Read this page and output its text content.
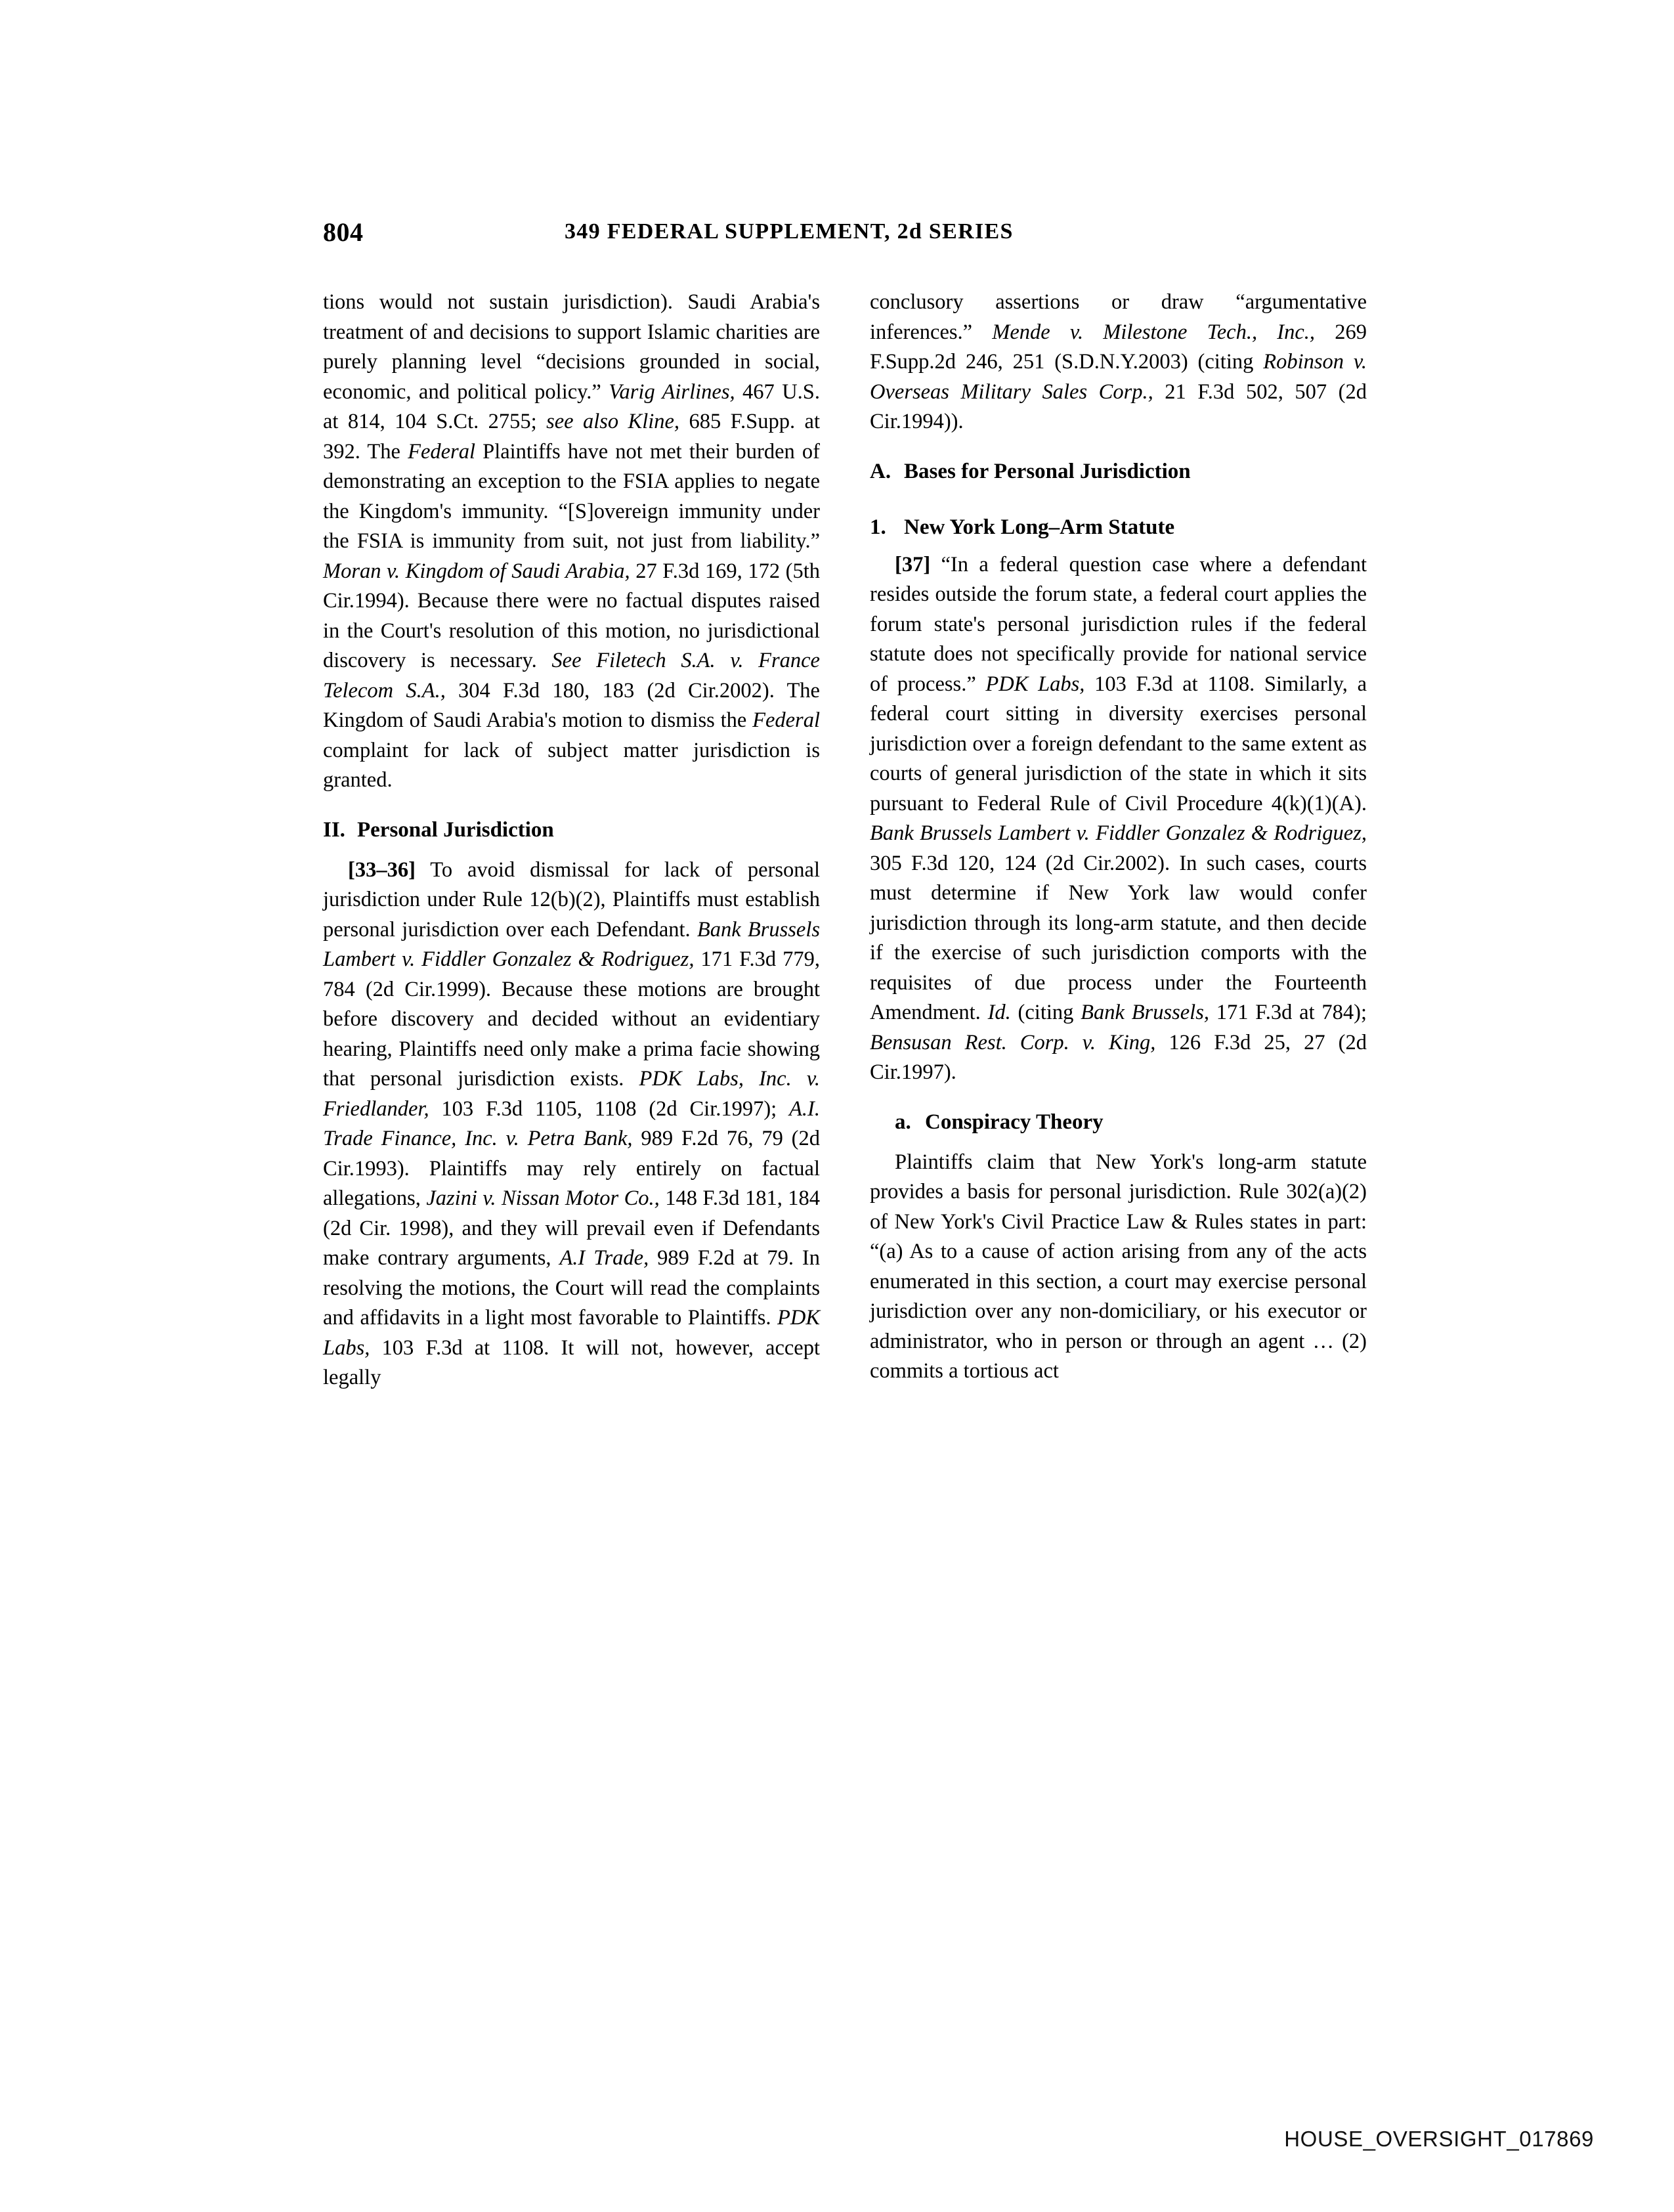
804	349 FEDERAL SUPPLEMENT, 2d SERIES

tions would not sustain jurisdiction). Saudi Arabia's treatment of and decisions to support Islamic charities are purely planning level “decisions grounded in social, economic, and political policy.” Varig Airlines, 467 U.S. at 814, 104 S.Ct. 2755; see also Kline, 685 F.Supp. at 392. The Federal Plaintiffs have not met their burden of demonstrating an exception to the FSIA applies to negate the Kingdom's immunity. “[S]overeign immunity under the FSIA is immunity from suit, not just from liability.” Moran v. Kingdom of Saudi Arabia, 27 F.3d 169, 172 (5th Cir.1994). Because there were no factual disputes raised in the Court's resolution of this motion, no jurisdictional discovery is necessary. See Filetech S.A. v. France Telecom S.A., 304 F.3d 180, 183 (2d Cir.2002). The Kingdom of Saudi Arabia's motion to dismiss the Federal complaint for lack of subject matter jurisdiction is granted.

II. Personal Jurisdiction

[33–36] To avoid dismissal for lack of personal jurisdiction under Rule 12(b)(2), Plaintiffs must establish personal jurisdiction over each Defendant. Bank Brussels Lambert v. Fiddler Gonzalez & Rodriguez, 171 F.3d 779, 784 (2d Cir.1999). Because these motions are brought before discovery and decided without an evidentiary hearing, Plaintiffs need only make a prima facie showing that personal jurisdiction exists. PDK Labs, Inc. v. Friedlander, 103 F.3d 1105, 1108 (2d Cir.1997); A.I. Trade Finance, Inc. v. Petra Bank, 989 F.2d 76, 79 (2d Cir.1993). Plaintiffs may rely entirely on factual allegations, Jazini v. Nissan Motor Co., 148 F.3d 181, 184 (2d Cir. 1998), and they will prevail even if Defendants make contrary arguments, A.I Trade, 989 F.2d at 79. In resolving the motions, the Court will read the complaints and affidavits in a light most favorable to Plaintiffs. PDK Labs, 103 F.3d at 1108. It will not, however, accept legally

conclusory assertions or draw “argumentative inferences.” Mende v. Milestone Tech., Inc., 269 F.Supp.2d 246, 251 (S.D.N.Y.2003) (citing Robinson v. Overseas Military Sales Corp., 21 F.3d 502, 507 (2d Cir.1994)).

A. Bases for Personal Jurisdiction
1. New York Long–Arm Statute

[37] “In a federal question case where a defendant resides outside the forum state, a federal court applies the forum state's personal jurisdiction rules if the federal statute does not specifically provide for national service of process.” PDK Labs, 103 F.3d at 1108. Similarly, a federal court sitting in diversity exercises personal jurisdiction over a foreign defendant to the same extent as courts of general jurisdiction of the state in which it sits pursuant to Federal Rule of Civil Procedure 4(k)(1)(A). Bank Brussels Lambert v. Fiddler Gonzalez & Rodriguez, 305 F.3d 120, 124 (2d Cir.2002). In such cases, courts must determine if New York law would confer jurisdiction through its long-arm statute, and then decide if the exercise of such jurisdiction comports with the requisites of due process under the Fourteenth Amendment. Id. (citing Bank Brussels, 171 F.3d at 784); Bensusan Rest. Corp. v. King, 126 F.3d 25, 27 (2d Cir.1997).

a. Conspiracy Theory

Plaintiffs claim that New York's long-arm statute provides a basis for personal jurisdiction. Rule 302(a)(2) of New York's Civil Practice Law & Rules states in part: “(a) As to a cause of action arising from any of the acts enumerated in this section, a court may exercise personal jurisdiction over any non-domiciliary, or his executor or administrator, who in person or through an agent … (2) commits a tortious act

HOUSE_OVERSIGHT_017869
